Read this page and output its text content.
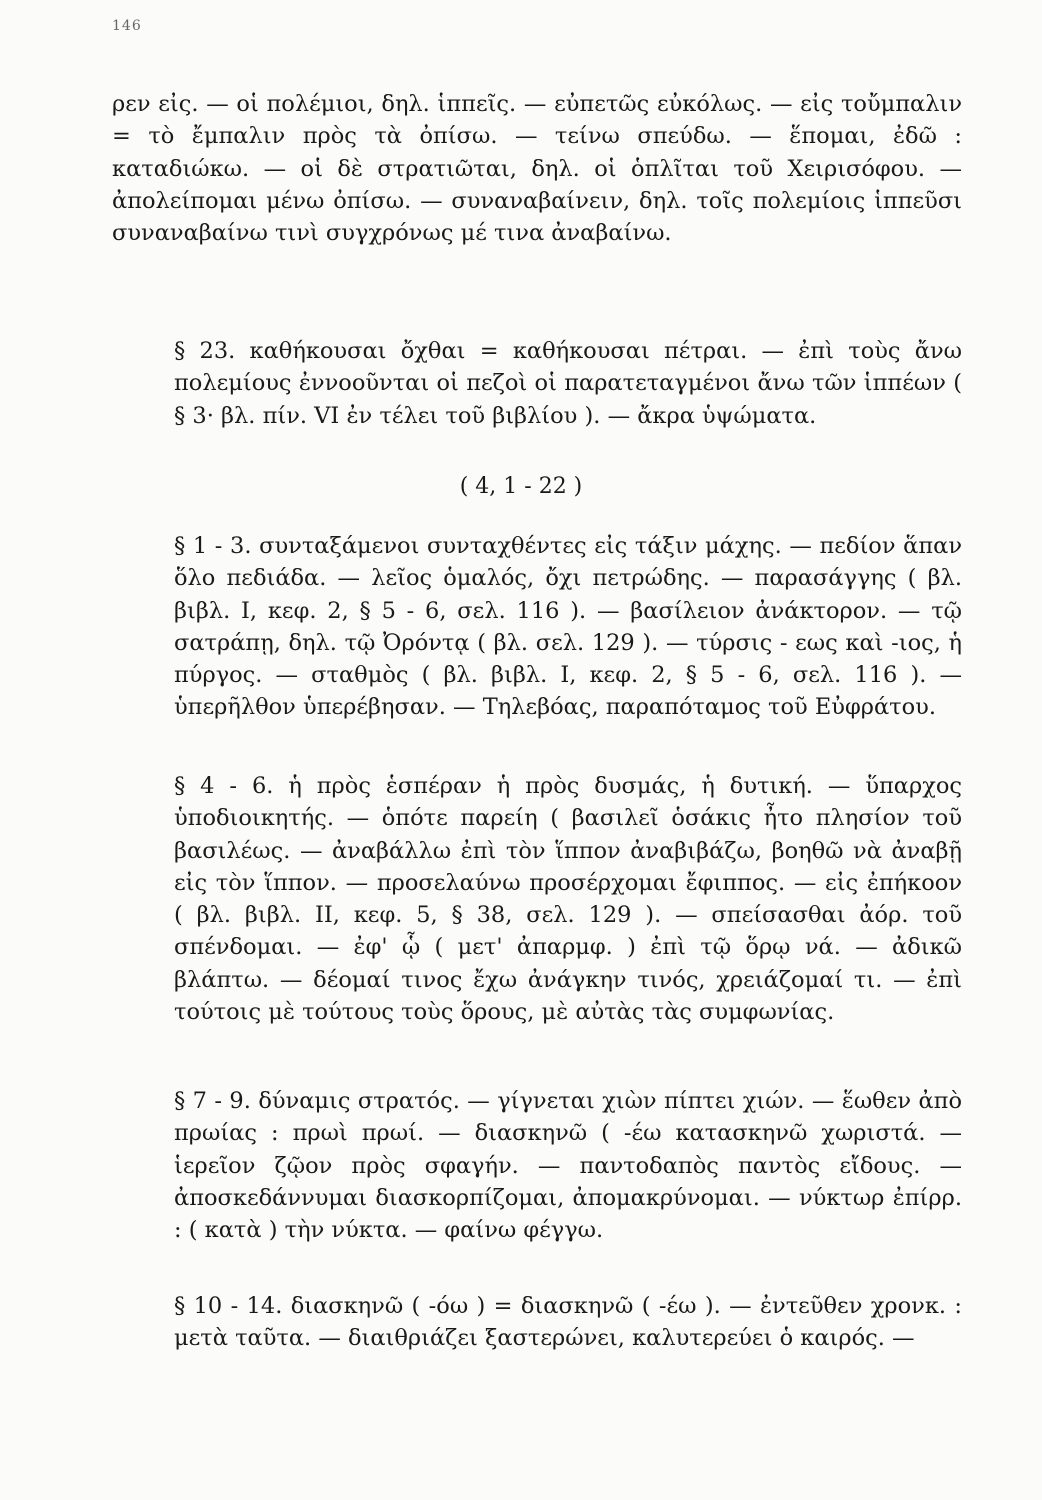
146

ρεν εἰς. — οἱ πολέμιοι, δηλ. ἱππεῖς. — εὐπετῶς εὐκόλως. — εἰς τοὔμπαλιν = τὸ ἔμπαλιν πρὸς τὰ ὀπίσω. — τείνω σπεύδω. — ἕπομαι, ἐδῶ : καταδιώκω. — οἱ δὲ στρατιῶται, δηλ. οἱ ὁπλῖται τοῦ Χειρισόφου. — ἀπολείπομαι μένω ὀπίσω. — συναναβαίνειν, δηλ. τοῖς πολεμίοις ἱππεῦσι συναναβαίνω τινὶ συγχρόνως μέ τινα ἀναβαίνω.

§ 23. καθήκουσαι ὄχθαι = καθήκουσαι πέτραι. — ἐπὶ τοὺς ἄνω πολεμίους ἐννοοῦνται οἱ πεζοὶ οἱ παρατεταγμένοι ἄνω τῶν ἱππέων ( § 3· βλ. πίν. VI ἐν τέλει τοῦ βιβλίου ). — ἄκρα ὑψώματα.

( 4, 1 - 22 )

§ 1 - 3. συνταξάμενοι συνταχθέντες εἰς τάξιν μάχης. — πεδίον ἅπαν ὅλο πεδιάδα. — λεῖος ὁμαλός, ὄχι πετρώδης. — παρασάγγης ( βλ. βιβλ. I, κεφ. 2, § 5 - 6, σελ. 116 ). — βασίλειον ἀνάκτορον. — τῷ σατράπῃ, δηλ. τῷ Ὀρόντᾳ ( βλ. σελ. 129 ). — τύρσις - εως καὶ -ιος, ἡ πύργος. — σταθμὸς ( βλ. βιβλ. I, κεφ. 2, § 5 - 6, σελ. 116 ). — ὑπερῆλθον ὑπερέβησαν. — Τηλεβόας, παραπόταμος τοῦ Εὐφράτου.

§ 4 - 6. ἡ πρὸς ἑσπέραν ἡ πρὸς δυσμάς, ἡ δυτική. — ὕπαρχος ὑποδιοικητής. — ὁπότε παρείη ( βασιλεῖ ὁσάκις ἦτο πλησίον τοῦ βασιλέως. — ἀναβάλλω ἐπὶ τὸν ἵππον ἀναβιβάζω, βοηθῶ νὰ ἀναβῇ εἰς τὸν ἵππον. — προσελαύνω προσέρχομαι ἔφιππος. — εἰς ἐπήκοον ( βλ. βιβλ. II, κεφ. 5, § 38, σελ. 129 ). — σπείσασθαι ἀόρ. τοῦ σπένδομαι. — ἐφ' ᾧ ( μετ' ἀπαρμφ. ) ἐπὶ τῷ ὅρῳ νά. — ἀδικῶ βλάπτω. — δέομαί τινος ἔχω ἀνάγκην τινός, χρειάζομαί τι. — ἐπὶ τούτοις μὲ τούτους τοὺς ὅρους, μὲ αὐτὰς τὰς συμφωνίας.

§ 7 - 9. δύναμις στρατός. — γίγνεται χιὼν πίπτει χιών. — ἕωθεν ἀπὸ πρωίας : πρωὶ πρωί. — διασκηνῶ ( -έω κατασκηνῶ χωριστά. — ἱερεῖον ζῷον πρὸς σφαγήν. — παντοδαπὸς παντὸς εἴδους. — ἀποσκεδάννυμαι διασκορπίζομαι, ἀπομακρύνομαι. — νύκτωρ ἐπίρρ. : ( κατὰ ) τὴν νύκτα. — φαίνω φέγγω.

§ 10 - 14. διασκηνῶ ( -όω ) = διασκηνῶ ( -έω ). — ἐντεῦθεν χρονκ. : μετὰ ταῦτα. — διαιθριάζει ξαστερώνει, καλυτερεύει ὁ καιρός. —
